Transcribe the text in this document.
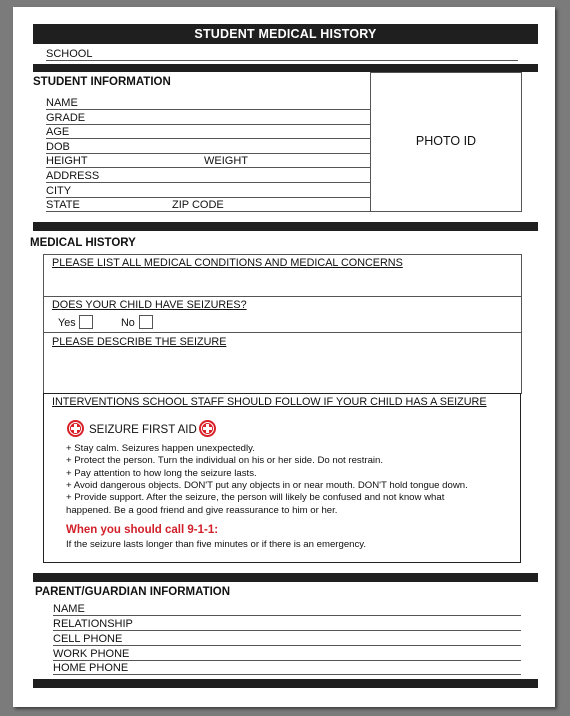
STUDENT MEDICAL HISTORY
SCHOOL
STUDENT INFORMATION
NAME
GRADE
AGE
DOB
HEIGHT	WEIGHT
ADDRESS
CITY
STATE	ZIP CODE
PHOTO ID
MEDICAL HISTORY
PLEASE LIST ALL MEDICAL CONDITIONS AND MEDICAL CONCERNS
DOES YOUR CHILD HAVE SEIZURES?
Yes	No
PLEASE DESCRIBE THE SEIZURE
INTERVENTIONS SCHOOL STAFF SHOULD FOLLOW IF YOUR CHILD HAS A SEIZURE
SEIZURE FIRST AID
+ Stay calm. Seizures happen unexpectedly.
+ Protect the person. Turn the individual on his or her side. Do not restrain.
+ Pay attention to how long the seizure lasts.
+ Avoid dangerous objects. DON'T put any objects in or near mouth. DON'T hold tongue down.
+ Provide support. After the seizure, the person will likely be confused and not know what
happened. Be a good friend and give reassurance to him or her.
When you should call 9-1-1:
If the seizure lasts longer than five minutes or if there is an emergency.
PARENT/GUARDIAN INFORMATION
NAME
RELATIONSHIP
CELL PHONE
WORK PHONE
HOME PHONE
